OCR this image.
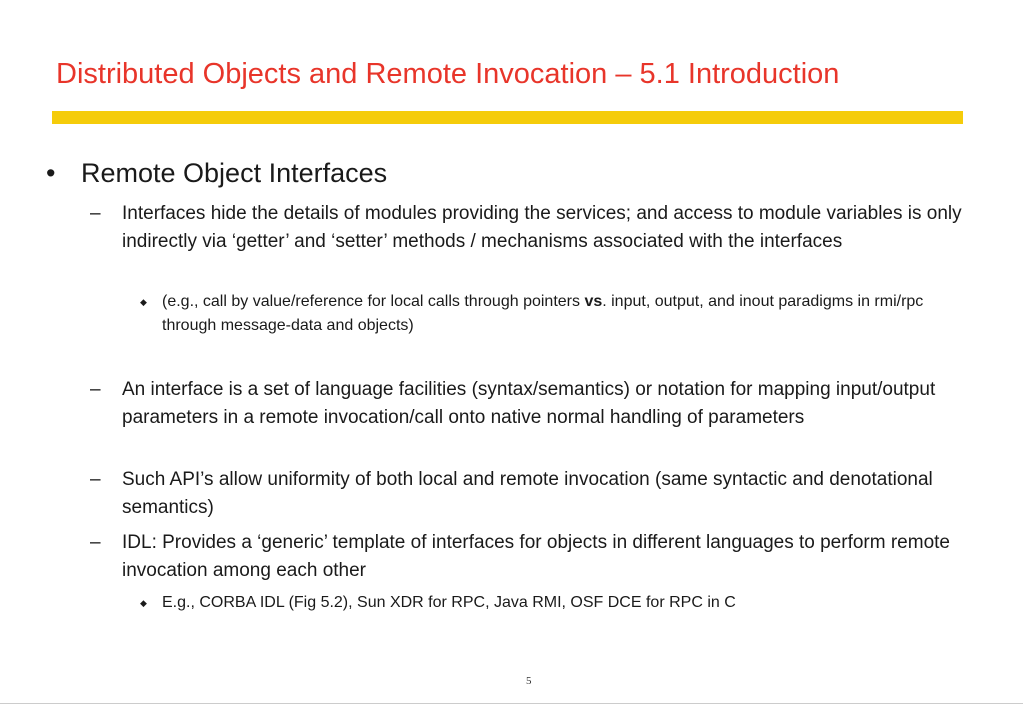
Distributed Objects and Remote Invocation – 5.1 Introduction
• Remote Object Interfaces
– Interfaces hide the details of modules providing the services; and access to module variables is only indirectly via ‘getter’ and ‘setter’ methods / mechanisms associated with the interfaces
◆ (e.g., call by value/reference for local calls through pointers vs. input, output, and inout paradigms in rmi/rpc through message-data and objects)
– An interface is a set of language facilities (syntax/semantics) or notation for mapping input/output parameters in a remote invocation/call onto native normal handling of parameters
– Such API’s allow uniformity of both local and remote invocation (same syntactic and denotational semantics)
– IDL: Provides a ‘generic’ template of interfaces for objects in different languages to perform remote invocation among each other
◆ E.g., CORBA IDL (Fig 5.2), Sun XDR for RPC, Java RMI, OSF DCE for RPC in C
5
